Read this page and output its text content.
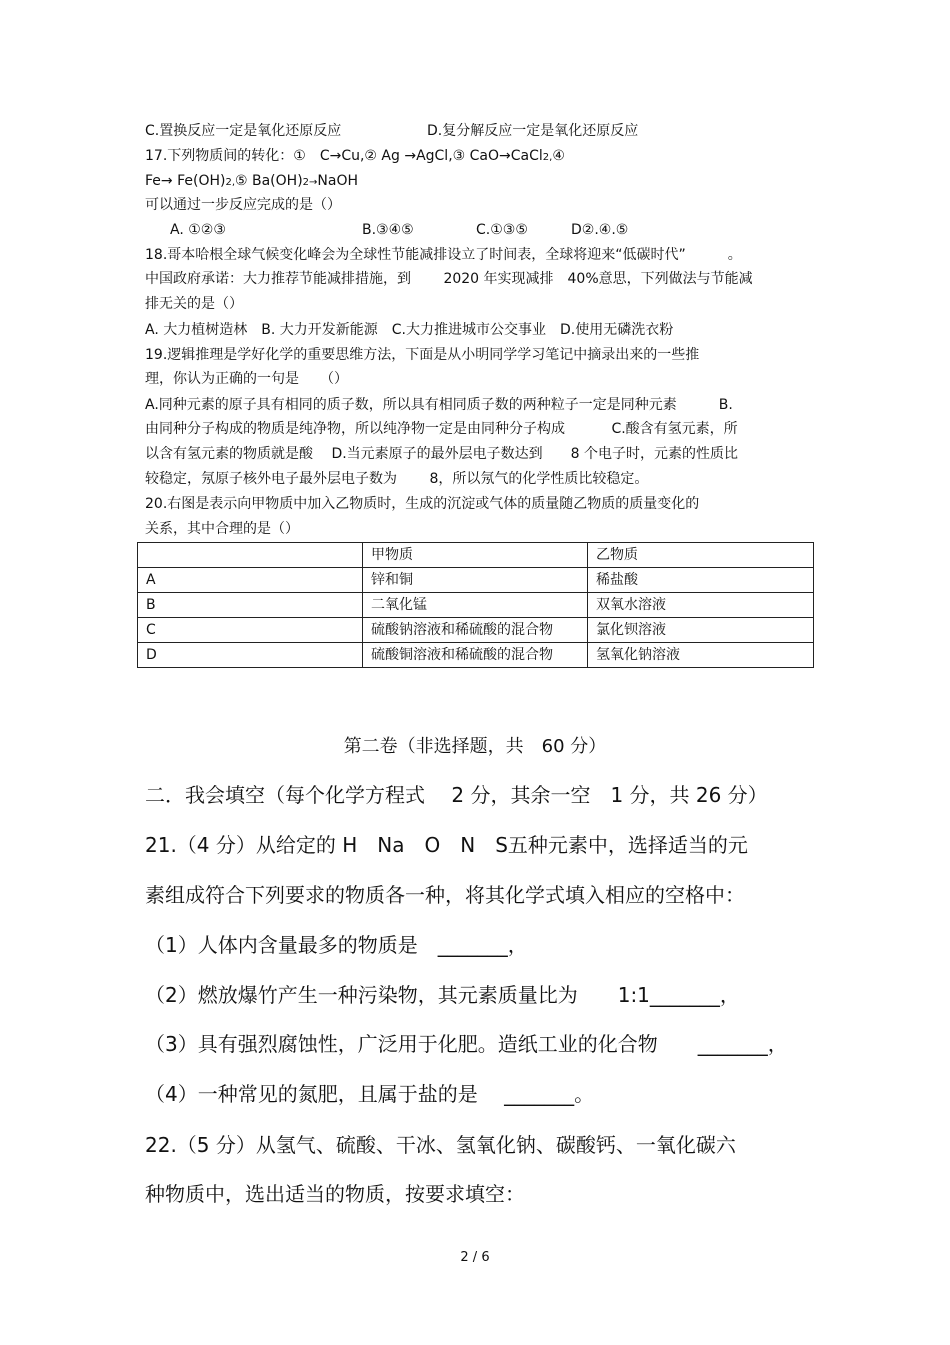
C.置换反应一定是氧化还原反应	D.复分解反应一定是氧化还原反应
17.下列物质间的转化：①　C→Cu,② Ag →AgCl,③ CaO→CaCl2,④
Fe→ Fe(OH)2,⑤ Ba(OH)2→NaOH
可以通过一步反应完成的是（）
A. ①②③	B.③④⑤	C.①③⑤	D②.④.⑤
18.哥本哈根全球气候变化峰会为全球性节能减排设立了时间表，全球将迎来“低碳时代”　　　。
中国政府承诺：大力推荐节能减排措施，到　　 2020 年实现减排　40%意思，下列做法与节能减
排无关的是（）
A. 大力植树造林　B. 大力开发新能源　C.大力推进城市公交事业　D.使用无磷洗衣粉
19.逻辑推理是学好化学的重要思维方法，下面是从小明同学学习笔记中摘录出来的一些推
理，你认为正确的一句是　　（）
A.同种元素的原子具有相同的质子数，所以具有相同质子数的两种粒子一定是同种元素　　　B.
由同种分子构成的物质是纯净物，所以纯净物一定是由同种分子构成　　　 C.酸含有氢元素，所
以含有氢元素的物质就是酸　 D.当元素原子的最外层电子数达到　　8 个电子时，元素的性质比
较稳定，氖原子核外电子最外层电子数为　　 8，所以氖气的化学性质比较稳定。
20.右图是表示向甲物质中加入乙物质时，生成的沉淀或气体的质量随乙物质的质量变化的
关系，其中合理的是（）
	甲物质	乙物质
A	锌和铜	稀盐酸
B	二氧化锰	双氧水溶液
C	硫酸钠溶液和稀硫酸的混合物	氯化钡溶液
D	硫酸铜溶液和稀硫酸的混合物	氢氧化钠溶液
第二卷（非选择题，共　60 分）
二．我会填空（每个化学方程式　 2 分，其余一空　1 分，共 26 分）
21.（4 分）从给定的 H　Na　O　N　S五种元素中，选择适当的元
素组成符合下列要求的物质各一种，将其化学式填入相应的空格中：
（1）人体内含量最多的物质是　_______，
（2）燃放爆竹产生一种污染物，其元素质量比为　　1:1_______，
（3）具有强烈腐蚀性，广泛用于化肥。造纸工业的化合物　　_______，
（4）一种常见的氮肥，且属于盐的是　 _______。
22.（5 分）从氢气、硫酸、干冰、氢氧化钠、碳酸钙、一氧化碳六
种物质中，选出适当的物质，按要求填空：
2 / 6
